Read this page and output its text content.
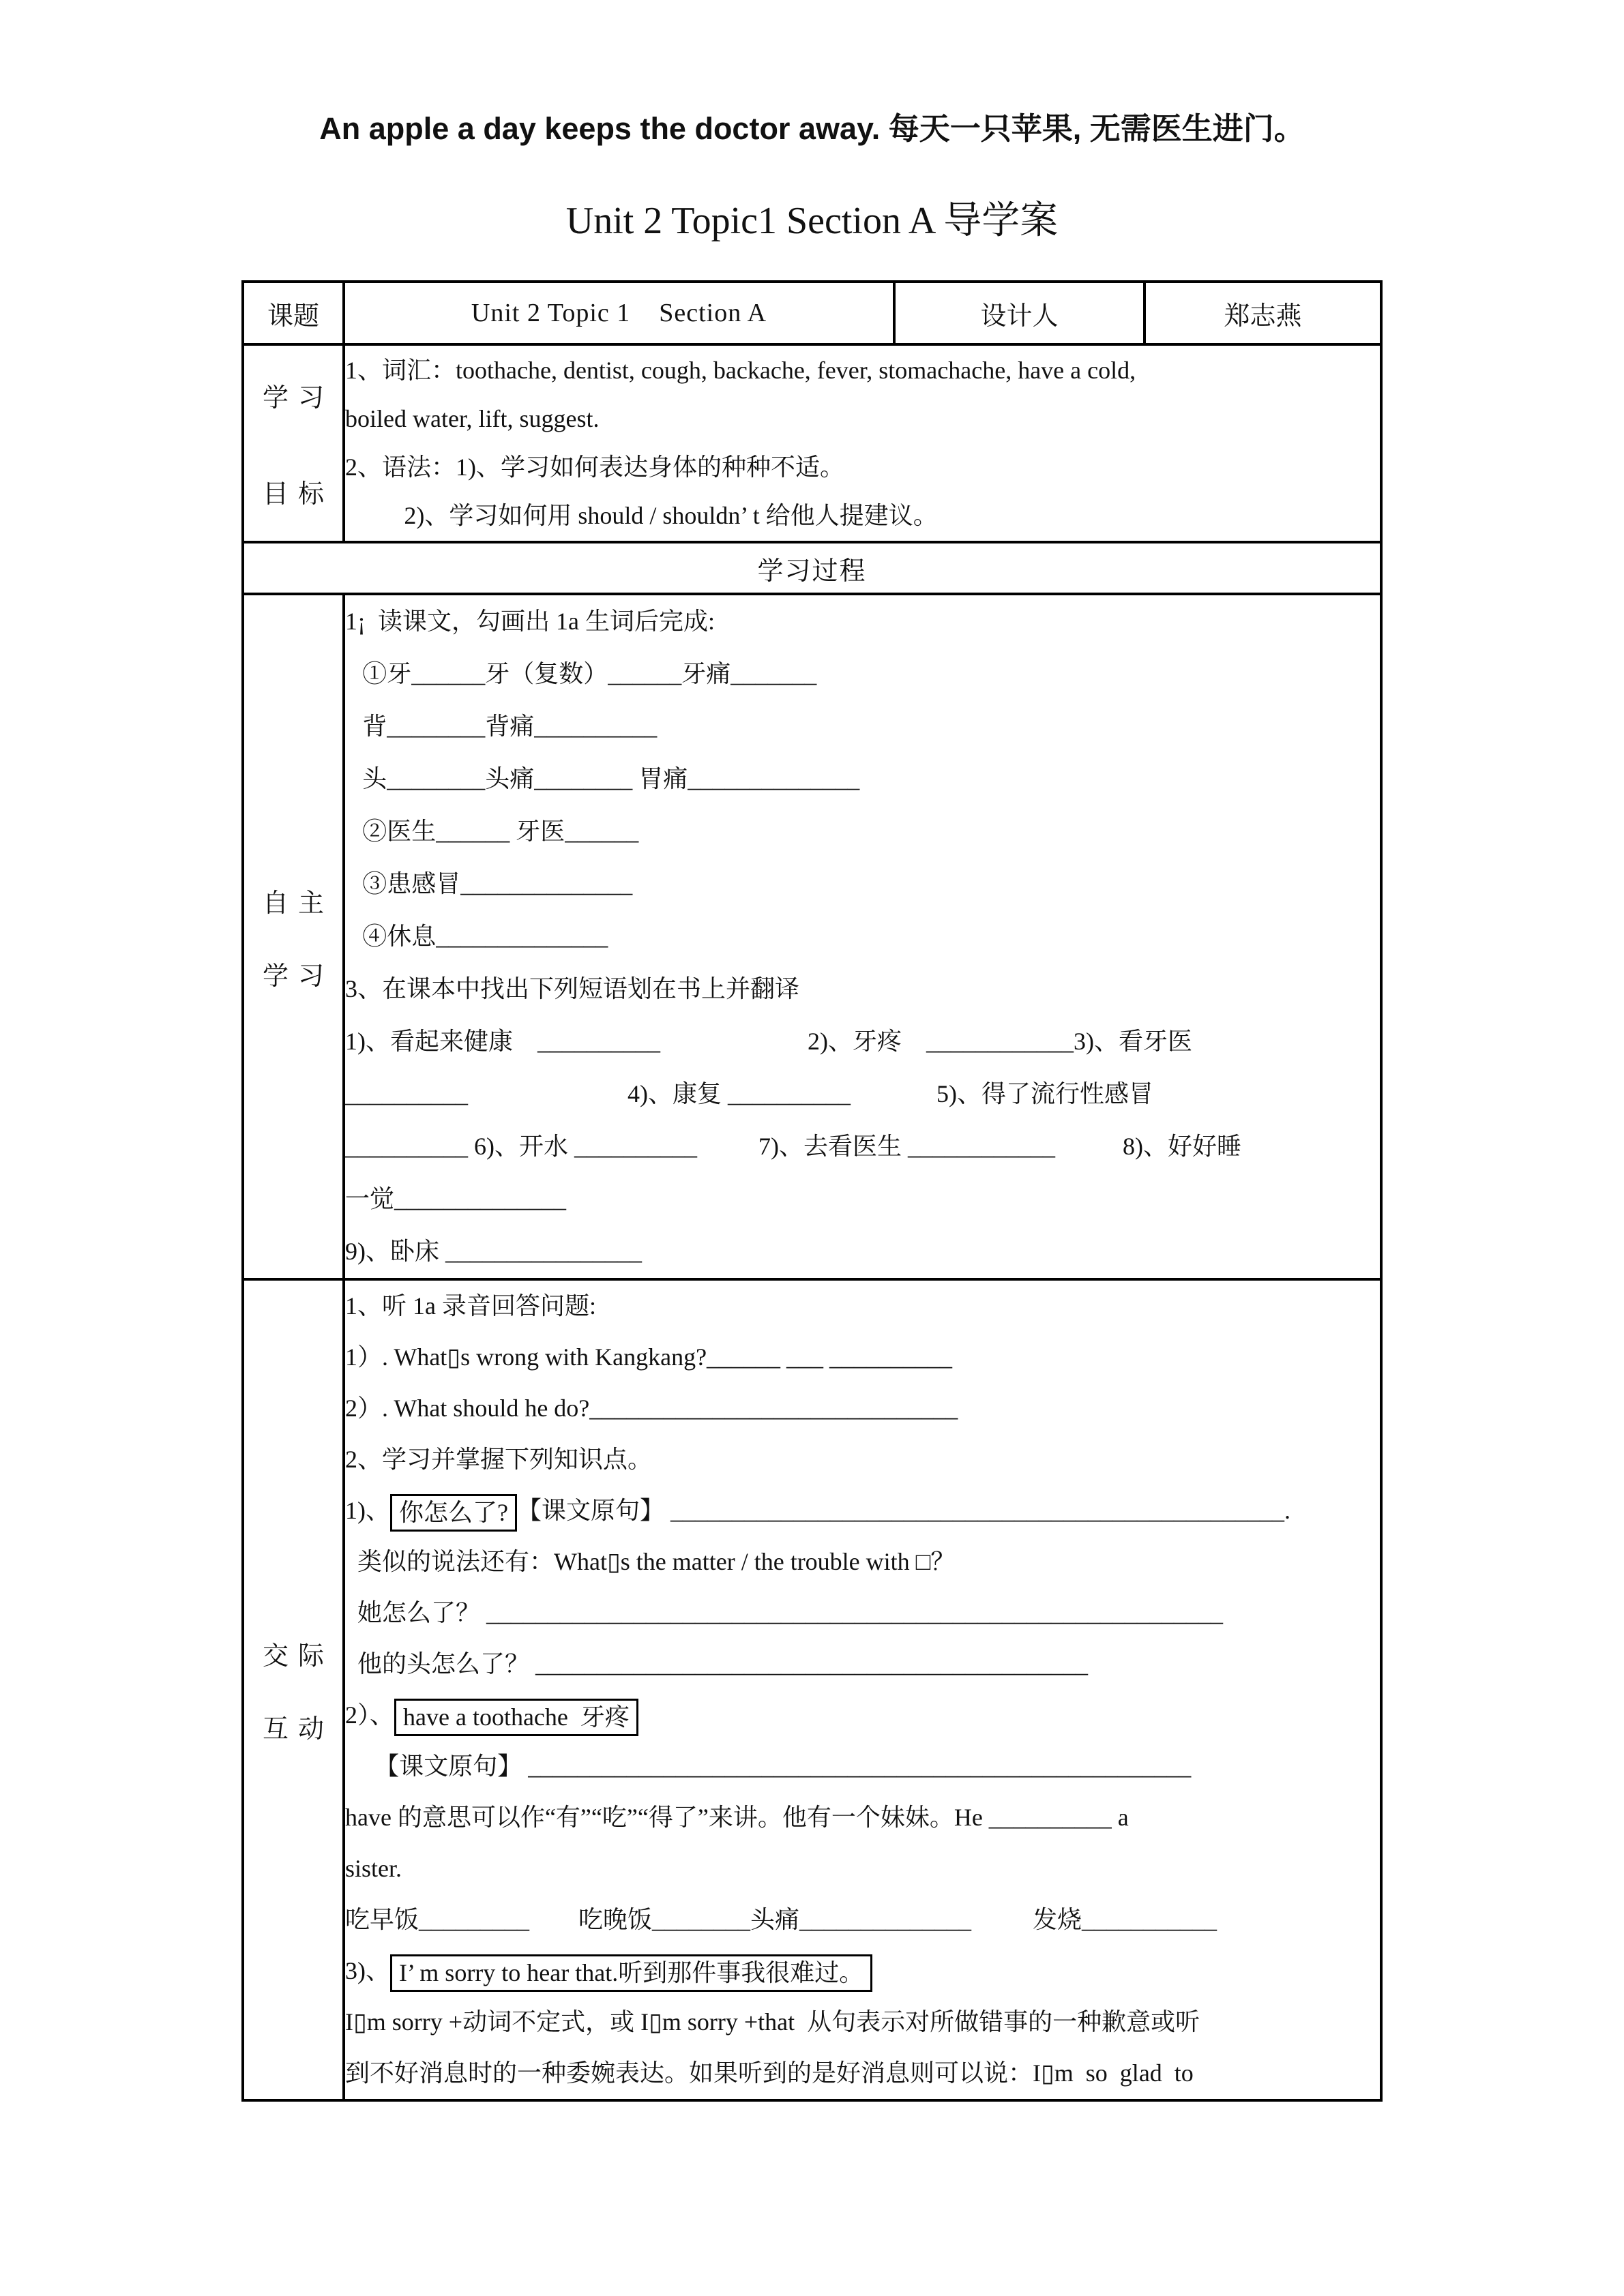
An apple a day keeps the doctor away. 每天一只苹果, 无需医生进门。
Unit 2 Topic1 Section A 导学案
课题	Unit 2 Topic 1    Section A	设计人	郑志燕

学习
目标

1、词汇：toothache, dentist, cough, backache, fever, stomachache, have a cold,
boiled water, lift, suggest.
2、语法：1)、学习如何表达身体的种种不适。
2)、学习如何用 should / shouldn’ t 给他人提建议。

学习过程			

自主
学习

1¡  读课文，勾画出 1a 生词后完成:
①牙______牙（复数）______牙痛_______
背________背痛__________
头________头痛________ 胃痛______________
②医生______ 牙医______
③患感冒______________
④休息______________
3、在课本中找出下列短语划在书上并翻译
1)、看起来健康    __________                        2)、牙疼    ____________3)、看牙医
__________                          4)、康复 __________              5)、得了流行性感冒
__________ 6)、开水 __________          7)、去看医生 ____________           8)、好好睡
一觉______________
9)、卧床 ________________

交际
互动

1、听 1a 录音回答问题:
1）. What▯s wrong with Kangkang?______ ___ __________
2）. What should he do?______________________________
2、学习并掌握下列知识点。
1)、 你怎么了? 【课文原句】 __________________________________________________.
类似的说法还有：What▯s the matter / the trouble with □？
她怎么了？ ____________________________________________________________
他的头怎么了？ _____________________________________________
2）、 have a toothache  牙疼
【课文原句】 ______________________________________________________
have 的意思可以作“有”“吃”“得了”来讲。他有一个妹妹。He __________ a
sister.
吃早饭_________        吃晚饭________头痛______________          发烧___________
3)、 I’ m sorry to hear that.听到那件事我很难过。
I▯m sorry +动词不定式，或 I▯m sorry +that  从句表示对所做错事的一种歉意或听
到不好消息时的一种委婉表达。如果听到的是好消息则可以说：I▯m  so  glad  to
